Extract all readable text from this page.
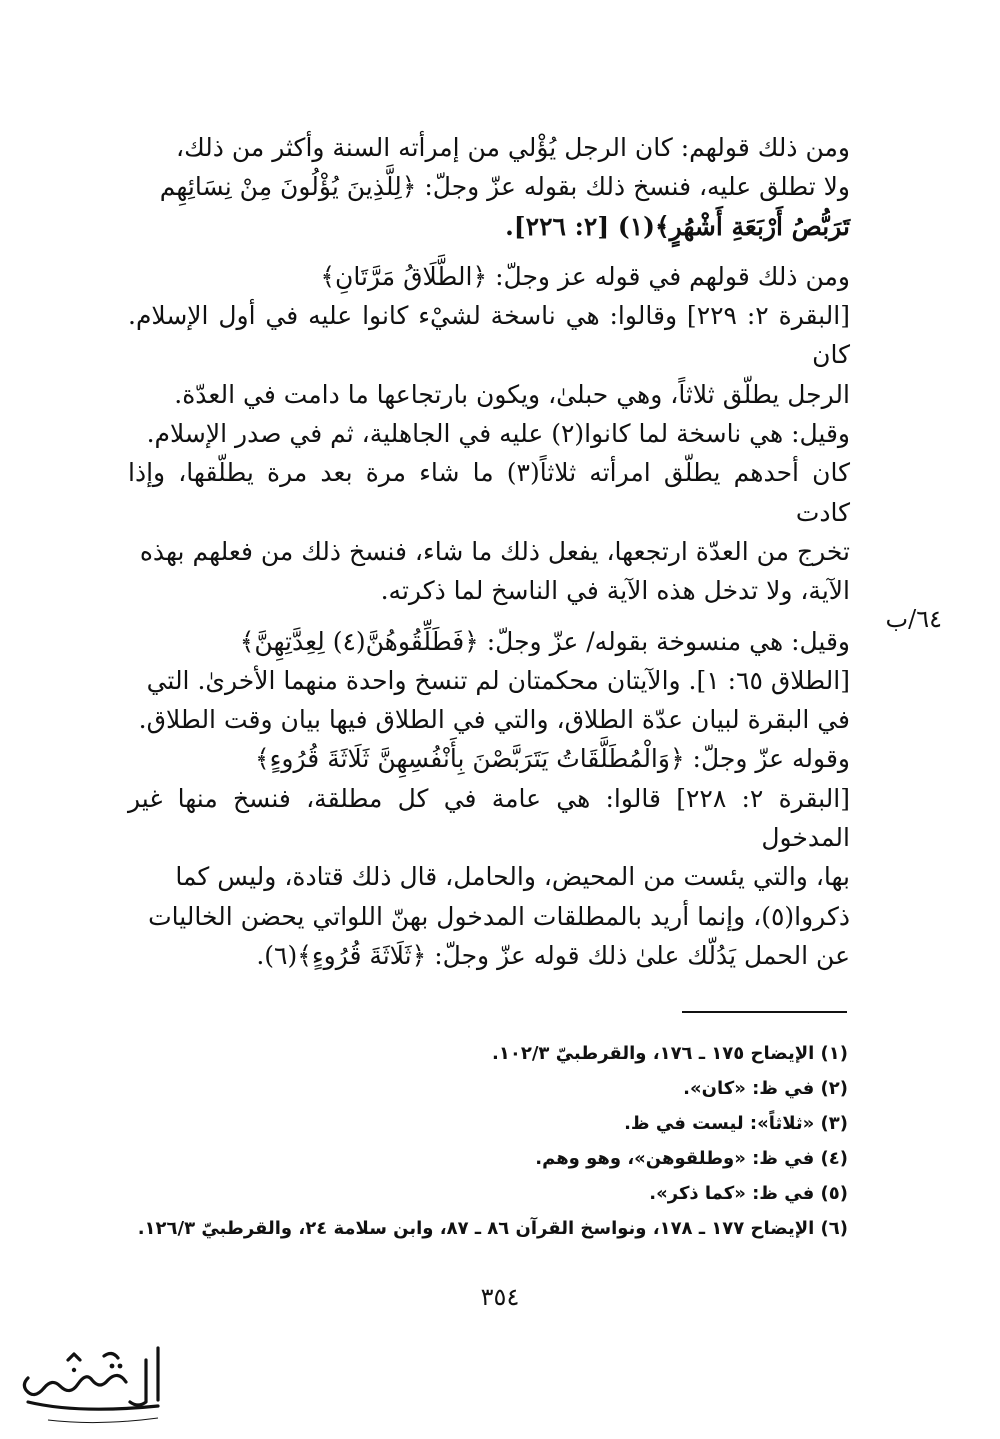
ومن ذلك قولهم: كان الرجل يُؤْلي من إمرأته السنة وأكثر من ذلك،
ولا تطلق عليه، فنسخ ذلك بقوله عزّ وجلّ: ﴿لِلَّذِينَ يُؤْلُونَ مِنْ نِسَائِهِم
تَرَبُّصُ أَرْبَعَةِ أَشْهُرٍ﴾(١) [٢: ٢٢٦].

ومن ذلك قولهم في قوله عز وجلّ: ﴿الطَّلَاقُ مَرَّتَانِ﴾
[البقرة ٢: ٢٢٩] وقالوا: هي ناسخة لشيْء كانوا عليه في أول الإسلام. كان
الرجل يطلّق ثلاثاً، وهي حبلىٰ، ويكون بارتجاعها ما دامت في العدّة.
وقيل: هي ناسخة لما كانوا(٢) عليه في الجاهلية، ثم في صدر الإسلام.
كان أحدهم يطلّق امرأته ثلاثاً(٣) ما شاء مرة بعد مرة يطلّقها، وإذا كادت
تخرج من العدّة ارتجعها، يفعل ذلك ما شاء، فنسخ ذلك من فعلهم بهذه
الآية، ولا تدخل هذه الآية في الناسخ لما ذكرته.

وقيل: هي منسوخة بقوله/ عزّ وجلّ: ﴿فَطَلِّقُوهُنَّ(٤) لِعِدَّتِهِنَّ﴾
[الطلاق ٦٥: ١]. والآيتان محكمتان لم تنسخ واحدة منهما الأخرىٰ. التي
في البقرة لبيان عدّة الطلاق، والتي في الطلاق فيها بيان وقت الطلاق.
وقوله عزّ وجلّ: ﴿وَالْمُطَلَّقَاتُ يَتَرَبَّصْنَ بِأَنْفُسِهِنَّ ثَلَاثَةَ قُرُوءٍ﴾
[البقرة ٢: ٢٢٨] قالوا: هي عامة في كل مطلقة، فنسخ منها غير المدخول
بها، والتي يئست من المحيض، والحامل، قال ذلك قتادة، وليس كما
ذكروا(٥)، وإنما أريد بالمطلقات المدخول بهنّ اللواتي يحضن الخاليات
عن الحمل يَدُلّك علىٰ ذلك قوله عزّ وجلّ: ﴿ثَلَاثَةَ قُرُوءٍ﴾(٦).

٦٤/ب
(١) الإيضاح ١٧٥ ـ ١٧٦، والقرطبيّ ١٠٢/٣.
(٢) في ظ: «كان».
(٣) «ثلاثاً»: ليست في ظ.
(٤) في ظ: «وطلقوهن»، وهو وهم.
(٥) في ظ: «كما ذكر».
(٦) الإيضاح ١٧٧ ـ ١٧٨، ونواسخ القرآن ٨٦ ـ ٨٧، وابن سلامة ٢٤، والقرطبيّ ١٢٦/٣.
٣٥٤
